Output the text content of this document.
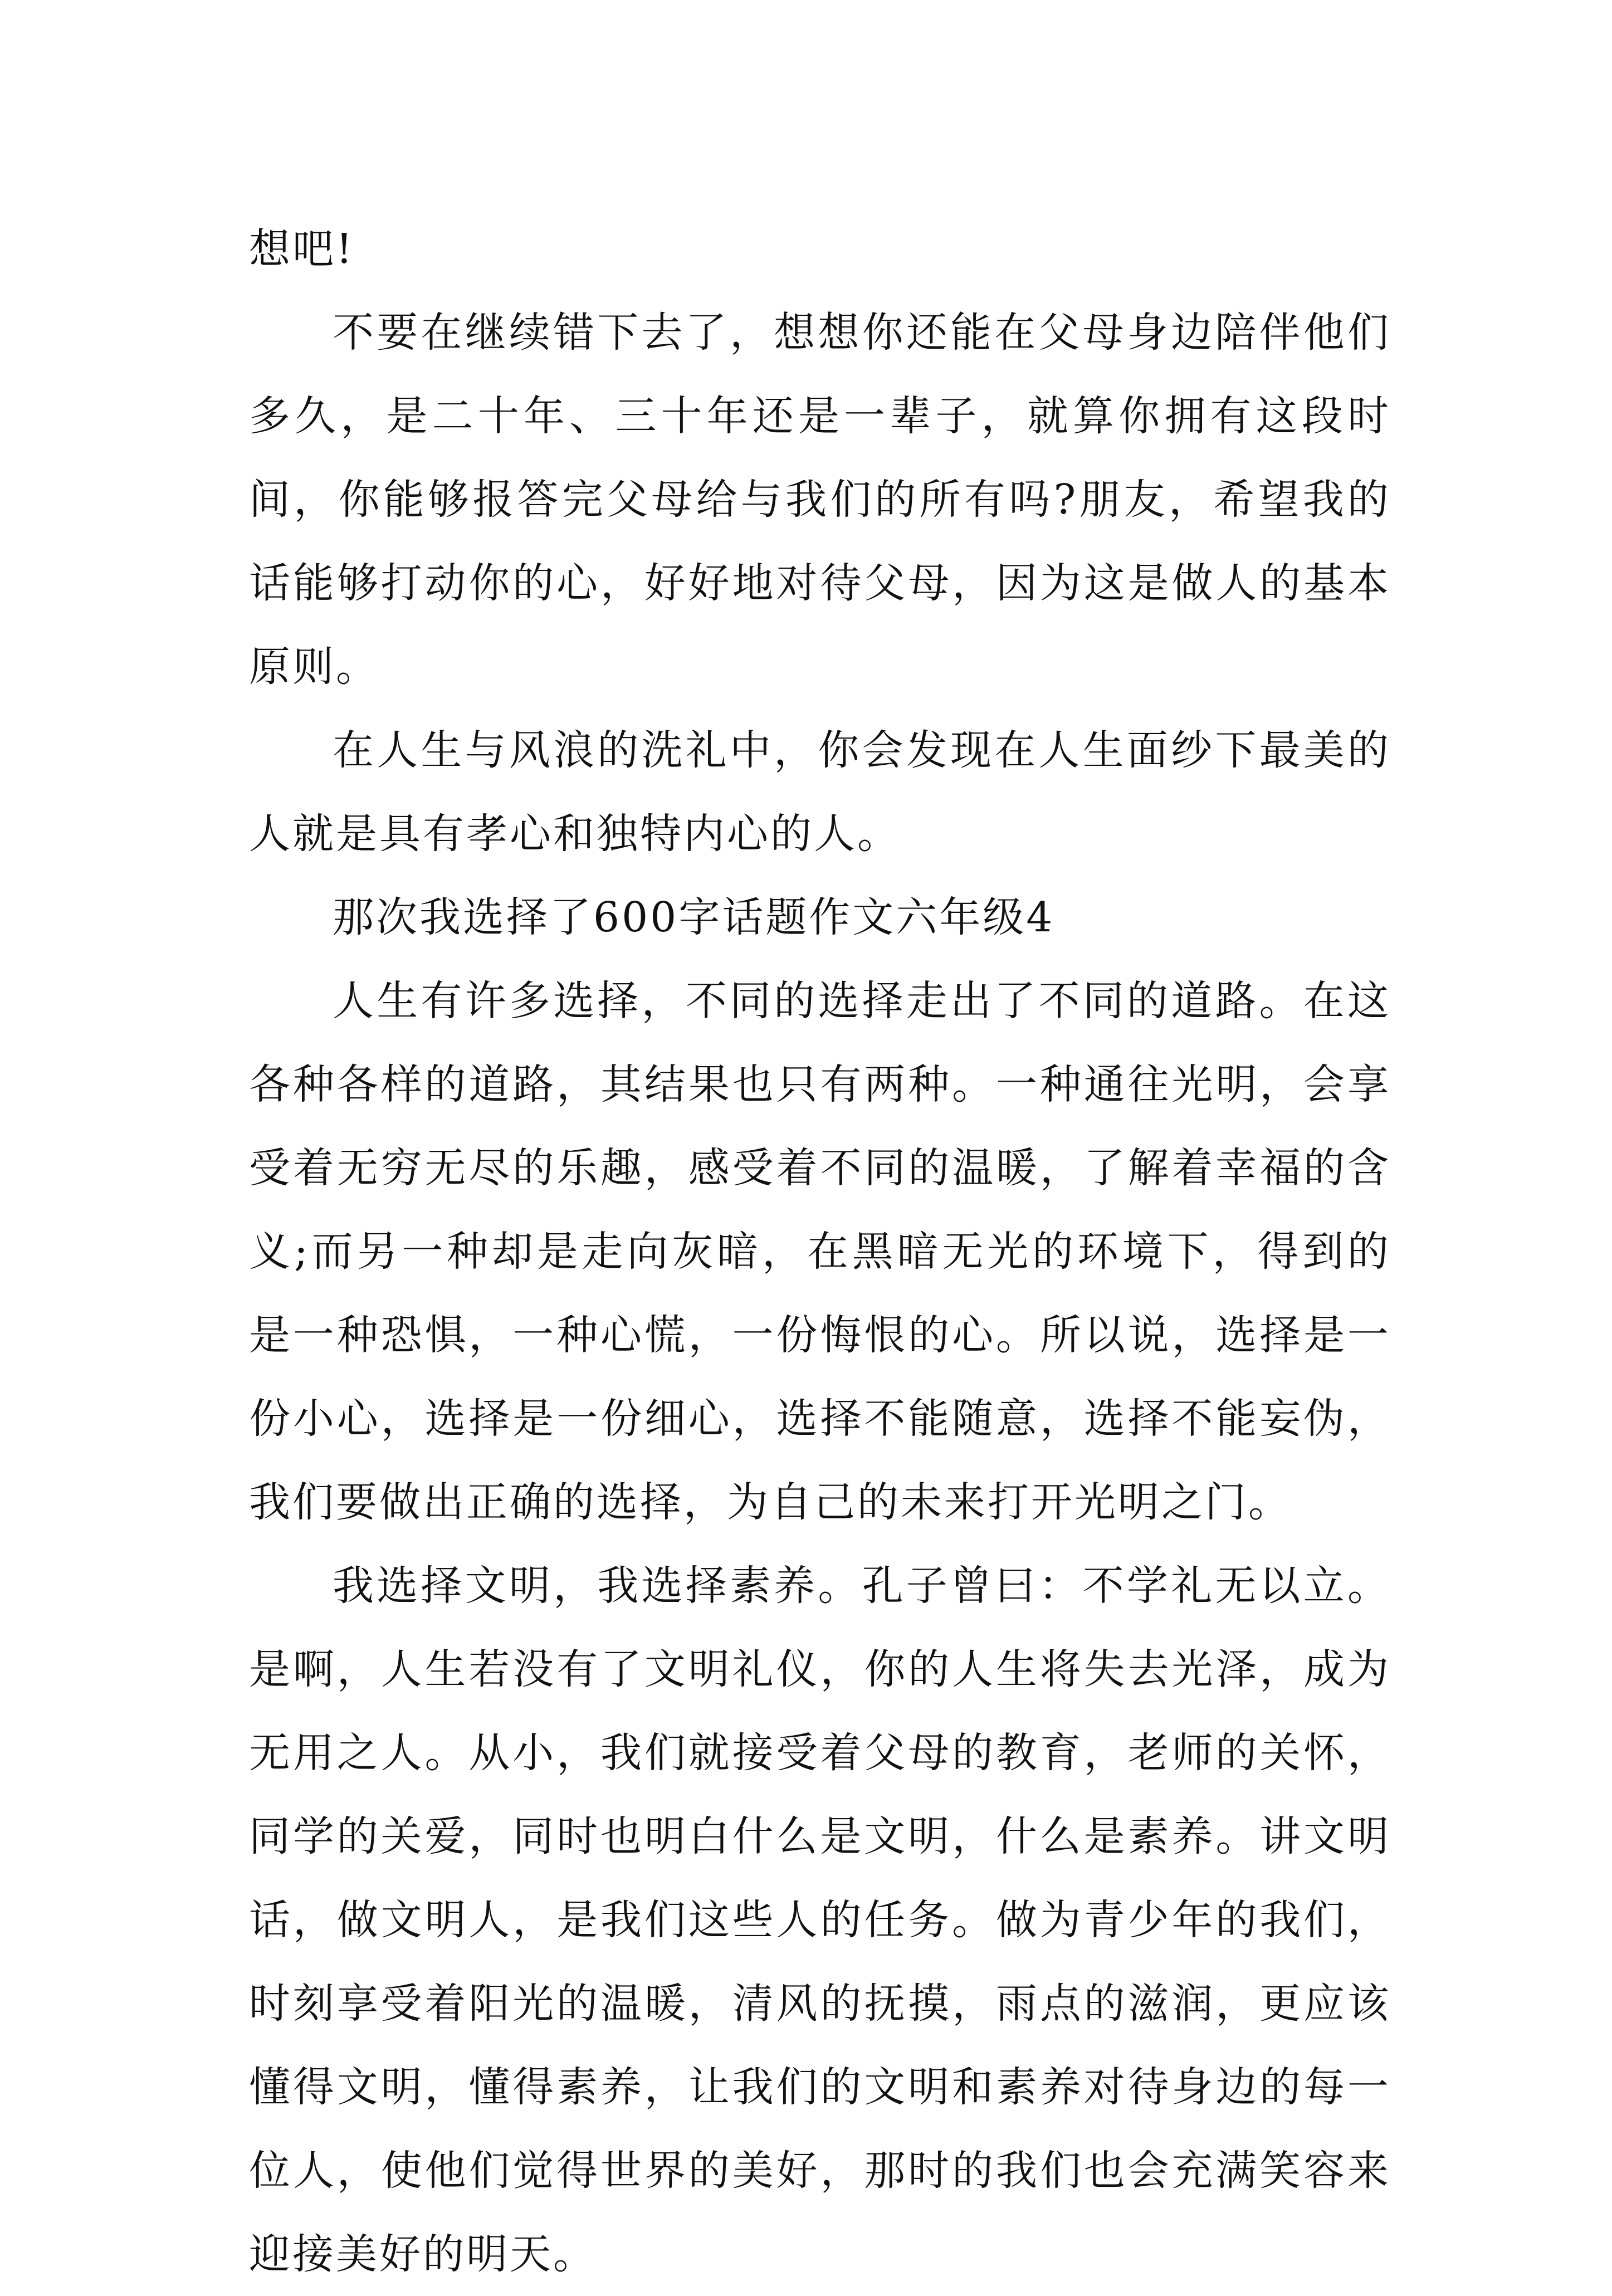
想吧!

不要在继续错下去了，想想你还能在父母身边陪伴他们多久，是二十年、三十年还是一辈子，就算你拥有这段时间，你能够报答完父母给与我们的所有吗?朋友，希望我的话能够打动你的心，好好地对待父母，因为这是做人的基本原则。

在人生与风浪的洗礼中，你会发现在人生面纱下最美的人就是具有孝心和独特内心的人。

那次我选择了600字话题作文六年级4

人生有许多选择，不同的选择走出了不同的道路。在这各种各样的道路，其结果也只有两种。一种通往光明，会享受着无穷无尽的乐趣，感受着不同的温暖，了解着幸福的含义;而另一种却是走向灰暗，在黑暗无光的环境下，得到的是一种恐惧，一种心慌，一份悔恨的心。所以说，选择是一份小心，选择是一份细心，选择不能随意，选择不能妄伪，我们要做出正确的选择，为自己的未来打开光明之门。

我选择文明，我选择素养。孔子曾曰：不学礼无以立。是啊，人生若没有了文明礼仪，你的人生将失去光泽，成为无用之人。从小，我们就接受着父母的教育，老师的关怀，同学的关爱，同时也明白什么是文明，什么是素养。讲文明话，做文明人，是我们这些人的任务。做为青少年的我们，时刻享受着阳光的温暖，清风的抚摸，雨点的滋润，更应该懂得文明，懂得素养，让我们的文明和素养对待身边的每一位人，使他们觉得世界的美好，那时的我们也会充满笑容来迎接美好的明天。
